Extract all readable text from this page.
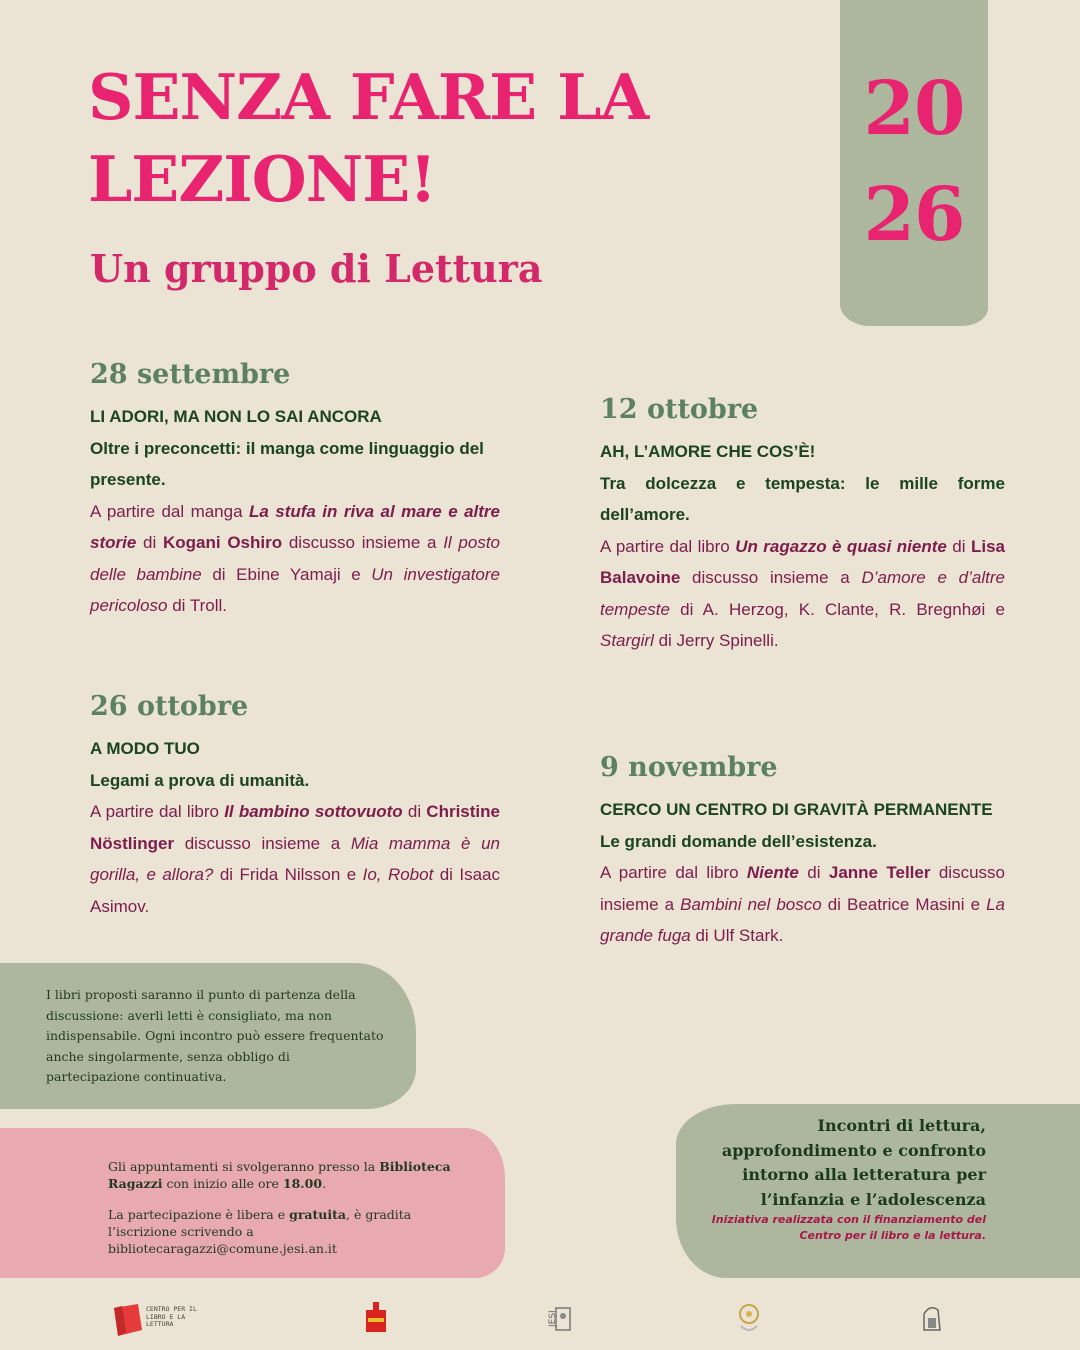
20
26
SENZA FARE LA
LEZIONE!
Un gruppo di Lettura
28 settembre
LI ADORI, MA NON LO SAI ANCORA
Oltre i preconcetti: il manga come linguaggio del presente.
A partire dal manga La stufa in riva al mare e altre storie di Kogani Oshiro discusso insieme a Il posto delle bambine di Ebine Yamaji e Un investigatore pericoloso di Troll.
12 ottobre
AH, L’AMORE CHE COS’È!
Tra dolcezza e tempesta: le mille forme dell’amore.
A partire dal libro Un ragazzo è quasi niente di Lisa Balavoine discusso insieme a D’amore e d’altre tempeste di A. Herzog, K. Clante, R. Bregnhøi e Stargirl di Jerry Spinelli.
26 ottobre
A MODO TUO
Legami a prova di umanità.
A partire dal libro Il bambino sottovuoto di Christine Nöstlinger discusso insieme a Mia mamma è un gorilla, e allora? di Frida Nilsson e Io, Robot di Isaac Asimov.
9 novembre
CERCO UN CENTRO DI GRAVITÀ PERMANENTE
Le grandi domande dell’esistenza.
A partire dal libro Niente di Janne Teller discusso insieme a Bambini nel bosco di Beatrice Masini e La grande fuga di Ulf Stark.
I libri proposti saranno il punto di partenza della discussione: averli letti è consigliato, ma non indispensabile. Ogni incontro può essere frequentato anche singolarmente, senza obbligo di partecipazione continuativa.

Gli appuntamenti si svolgeranno presso la Biblioteca Ragazzi con inizio alle ore 18.00.

La partecipazione è libera e gratuita, è gradita l’iscrizione scrivendo a bibliotecaragazzi@comune.jesi.an.it

Incontri di lettura, approfondimento e confronto intorno alla letteratura per l’infanzia e l’adolescenza
Iniziativa realizzata con il finanziamento del Centro per il libro e la lettura.
CENTRO PER IL LIBRO E LA LETTURA	JESI
